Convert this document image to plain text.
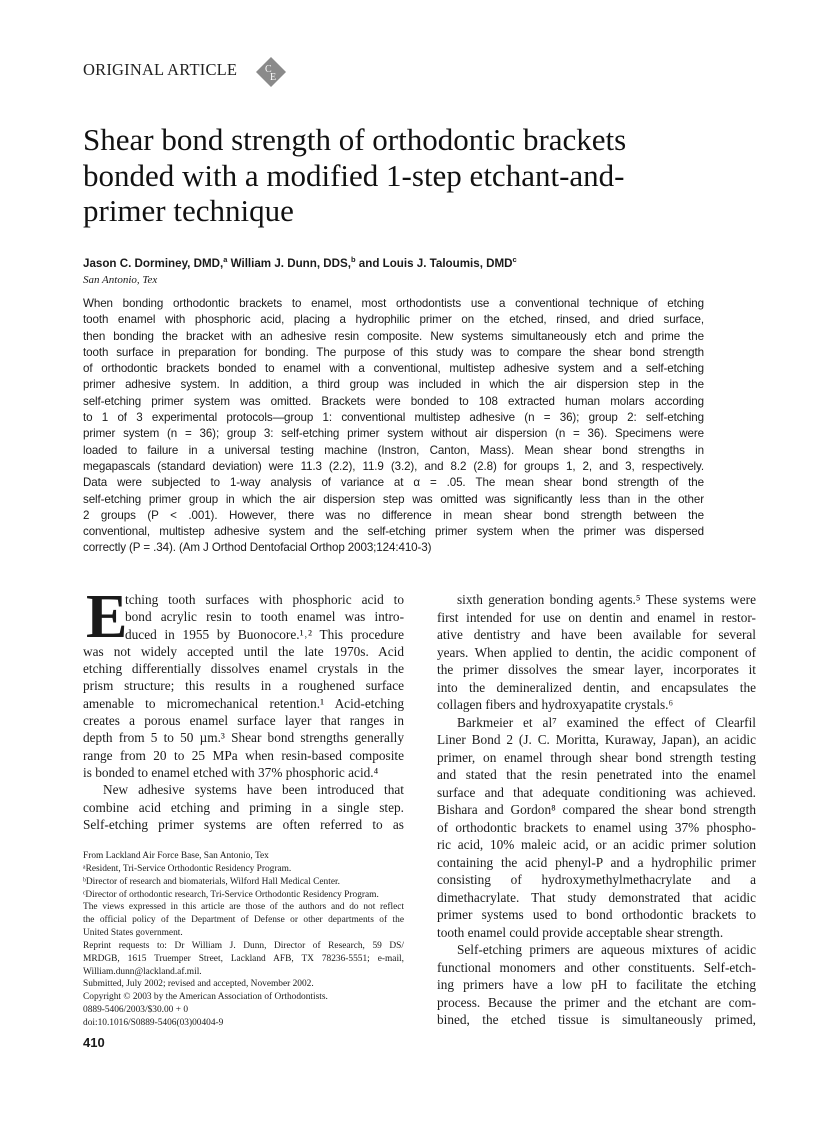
ORIGINAL ARTICLE	C
E
Shear bond strength of orthodontic brackets
bonded with a modified 1-step etchant-and-
primer technique
Jason C. Dorminey, DMD,$^a$ William J. Dunn, DDS,$^b$ and Louis J. Taloumis, DMD$^c$
San Antonio, Tex
When bonding orthodontic brackets to enamel, most orthodontists use a conventional technique of etching
tooth enamel with phosphoric acid, placing a hydrophilic primer on the etched, rinsed, and dried surface,
then bonding the bracket with an adhesive resin composite. New systems simultaneously etch and prime the
tooth surface in preparation for bonding. The purpose of this study was to compare the shear bond strength
of orthodontic brackets bonded to enamel with a conventional, multistep adhesive system and a self-etching
primer adhesive system. In addition, a third group was included in which the air dispersion step in the
self-etching primer system was omitted. Brackets were bonded to 108 extracted human molars according
to 1 of 3 experimental protocols—group 1: conventional multistep adhesive (n = 36); group 2: self-etching
primer system (n = 36); group 3: self-etching primer system without air dispersion (n = 36). Specimens were
loaded to failure in a universal testing machine (Instron, Canton, Mass). Mean shear bond strengths in
megapascals (standard deviation) were 11.3 (2.2), 11.9 (3.2), and 8.2 (2.8) for groups 1, 2, and 3, respectively.
Data were subjected to 1-way analysis of variance at α = .05. The mean shear bond strength of the
self-etching primer group in which the air dispersion step was omitted was significantly less than in the other
2 groups (P < .001). However, there was no difference in mean shear bond strength between the
conventional, multistep adhesive system and the self-etching primer system when the primer was dispersed
correctly (P = .34). (Am J Orthod Dentofacial Orthop 2003;124:410-3)
E
tching tooth surfaces with phosphoric acid to
bond acrylic resin to tooth enamel was intro-
duced in 1955 by Buonocore.¹˒² This procedure
was not widely accepted until the late 1970s. Acid
etching differentially dissolves enamel crystals in the
prism structure; this results in a roughened surface
amenable to micromechanical retention.¹ Acid-etching
creates a porous enamel surface layer that ranges in
depth from 5 to 50 µm.³ Shear bond strengths generally
range from 20 to 25 MPa when resin-based composite
is bonded to enamel etched with 37% phosphoric acid.⁴
New adhesive systems have been introduced that
combine acid etching and priming in a single step.
Self-etching primer systems are often referred to as
sixth generation bonding agents.⁵ These systems were
first intended for use on dentin and enamel in restor-
ative dentistry and have been available for several
years. When applied to dentin, the acidic component of
the primer dissolves the smear layer, incorporates it
into the demineralized dentin, and encapsulates the
collagen fibers and hydroxyapatite crystals.⁶
Barkmeier et al⁷ examined the effect of Clearfil
Liner Bond 2 (J. C. Moritta, Kuraway, Japan), an acidic
primer, on enamel through shear bond strength testing
and stated that the resin penetrated into the enamel
surface and that adequate conditioning was achieved.
Bishara and Gordon⁸ compared the shear bond strength
of orthodontic brackets to enamel using 37% phospho-
ric acid, 10% maleic acid, or an acidic primer solution
containing the acid phenyl-P and a hydrophilic primer
consisting of hydroxymethylmethacrylate and a
dimethacrylate. That study demonstrated that acidic
primer systems used to bond orthodontic brackets to
tooth enamel could provide acceptable shear strength.
Self-etching primers are aqueous mixtures of acidic
functional monomers and other constituents. Self-etch-
ing primers have a low pH to facilitate the etching
process. Because the primer and the etchant are com-
bined, the etched tissue is simultaneously primed,
From Lackland Air Force Base, San Antonio, Tex
ᵃResident, Tri-Service Orthodontic Residency Program.
ᵇDirector of research and biomaterials, Wilford Hall Medical Center.
ᶜDirector of orthodontic research, Tri-Service Orthodontic Residency Program.
The views expressed in this article are those of the authors and do not reflect
the official policy of the Department of Defense or other departments of the
United States government.
Reprint requests to: Dr William J. Dunn, Director of Research, 59 DS/
MRDGB, 1615 Truemper Street, Lackland AFB, TX 78236-5551; e-mail,
William.dunn@lackland.af.mil.
Submitted, July 2002; revised and accepted, November 2002.
Copyright © 2003 by the American Association of Orthodontists.
0889-5406/2003/$30.00 + 0
doi:10.1016/S0889-5406(03)00404-9
410
